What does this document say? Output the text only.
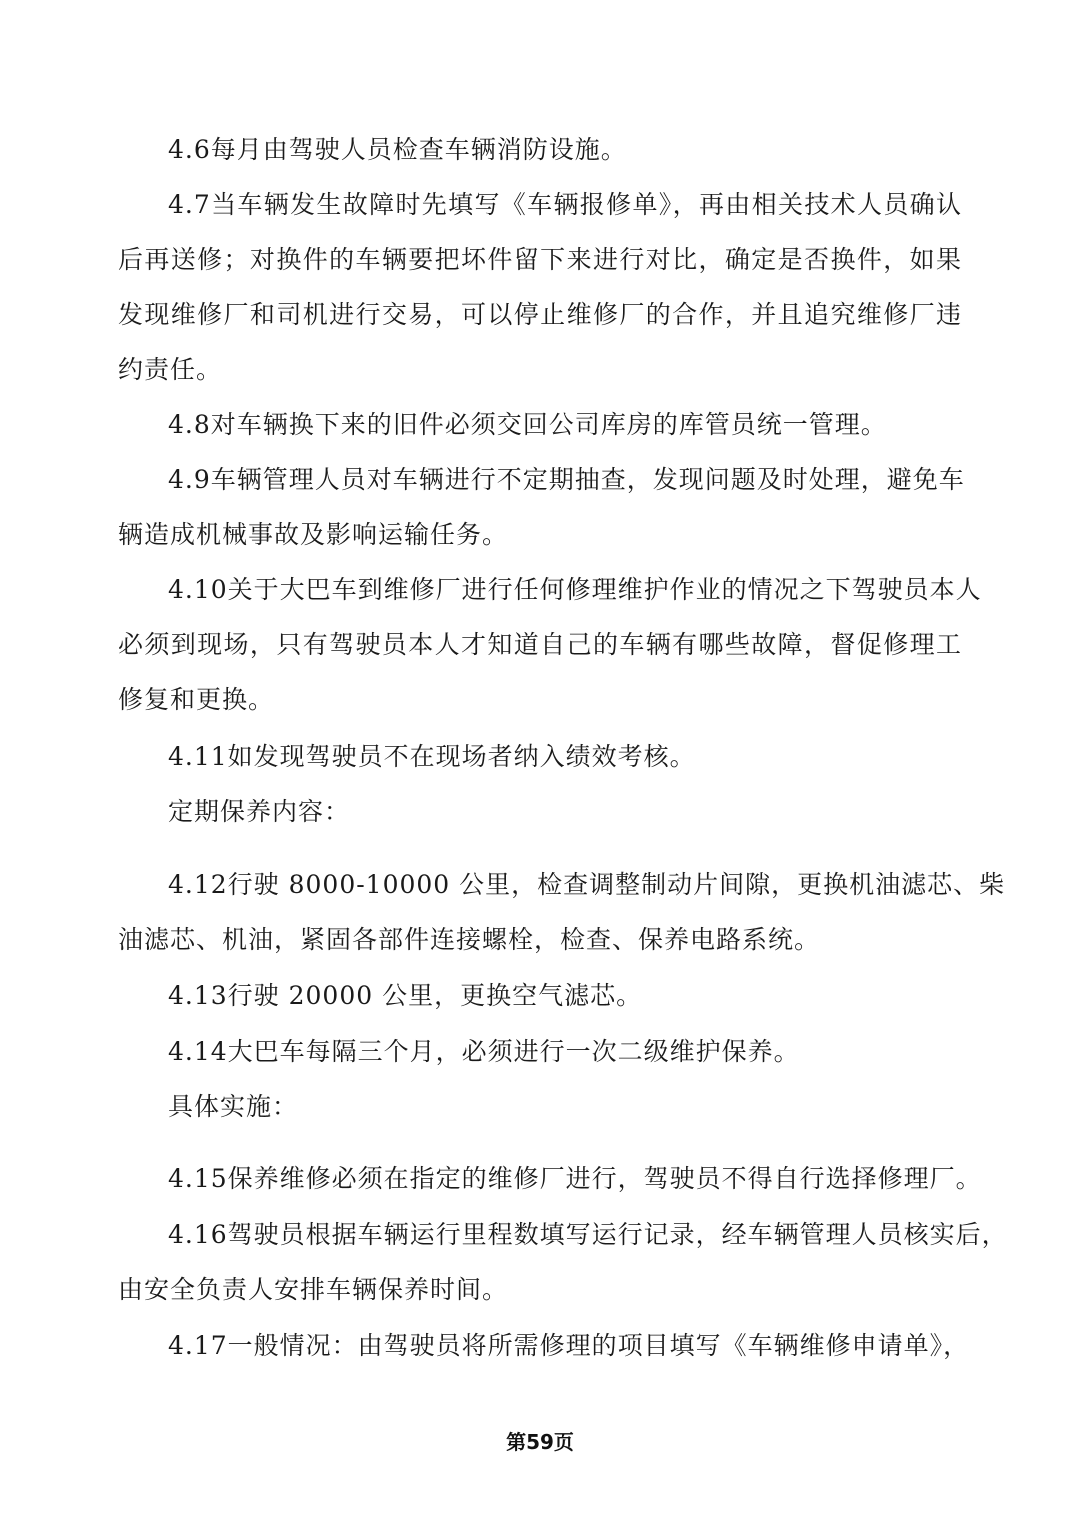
4.6每月由驾驶人员检查车辆消防设施。
4.7当车辆发生故障时先填写《车辆报修单》，再由相关技术人员确认
后再送修；对换件的车辆要把坏件留下来进行对比，确定是否换件，如果
发现维修厂和司机进行交易，可以停止维修厂的合作，并且追究维修厂违
约责任。
4.8对车辆换下来的旧件必须交回公司库房的库管员统一管理。
4.9车辆管理人员对车辆进行不定期抽查，发现问题及时处理，避免车
辆造成机械事故及影响运输任务。
4.10关于大巴车到维修厂进行任何修理维护作业的情况之下驾驶员本人
必须到现场，只有驾驶员本人才知道自己的车辆有哪些故障，督促修理工
修复和更换。
4.11如发现驾驶员不在现场者纳入绩效考核。
定期保养内容：
4.12行驶 8000-10000 公里，检查调整制动片间隙，更换机油滤芯、柴
油滤芯、机油，紧固各部件连接螺栓，检查、保养电路系统。
4.13行驶 20000 公里，更换空气滤芯。
4.14大巴车每隔三个月，必须进行一次二级维护保养。
具体实施：
4.15保养维修必须在指定的维修厂进行，驾驶员不得自行选择修理厂。
4.16驾驶员根据车辆运行里程数填写运行记录，经车辆管理人员核实后，
由安全负责人安排车辆保养时间。
4.17一般情况：由驾驶员将所需修理的项目填写《车辆维修申请单》，
第59页
